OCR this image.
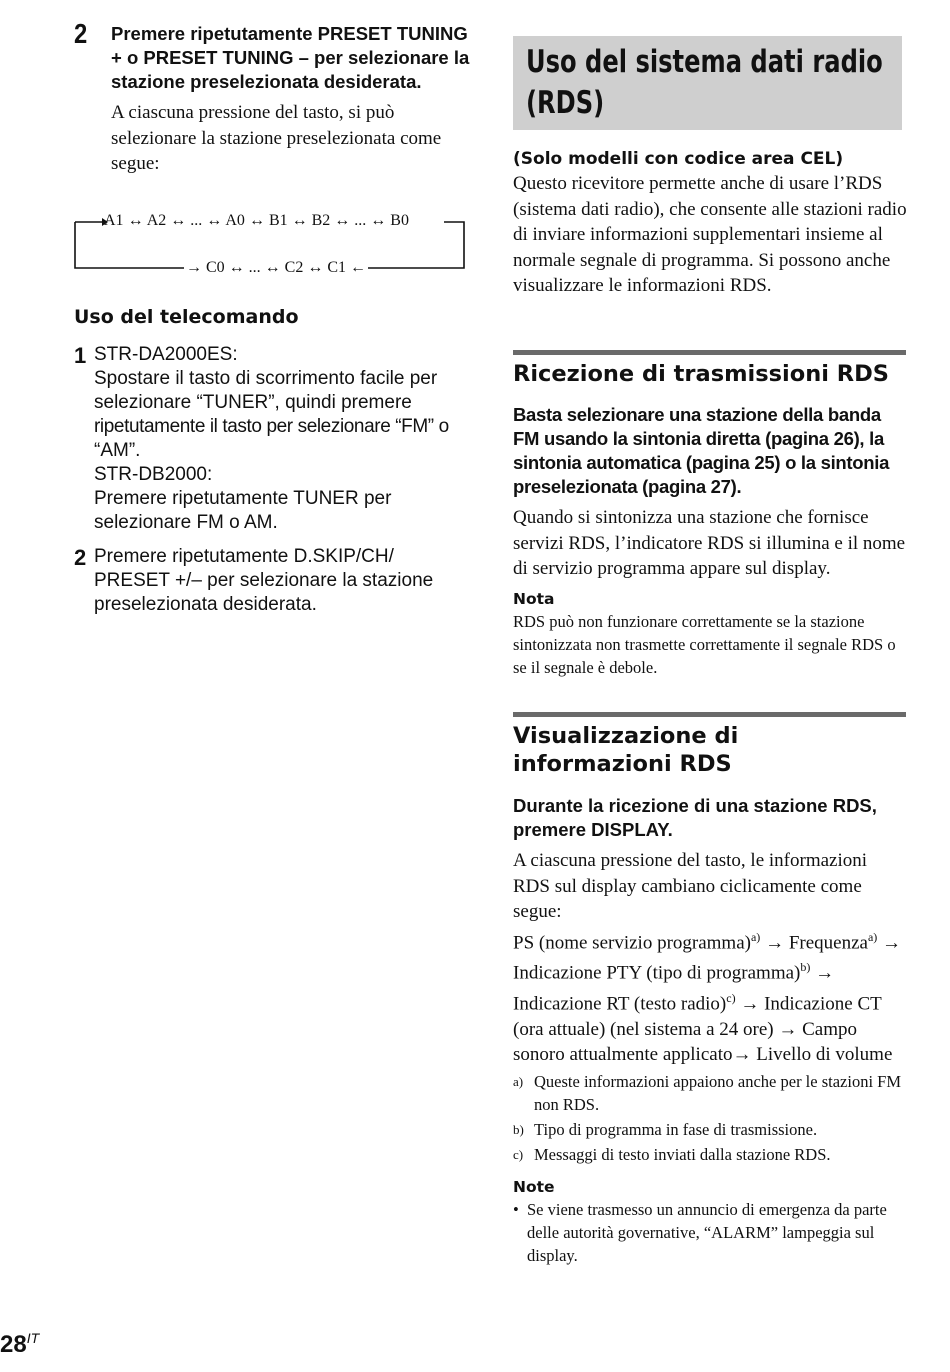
2 Premere ripetutamente PRESET TUNING + o PRESET TUNING – per selezionare la stazione preselezionata desiderata.
A ciascuna pressione del tasto, si può selezionare la stazione preselezionata come segue:
A1 ↔ A2 ↔ ... ↔ A0 ↔ B1 ↔ B2 ↔ ... ↔ B0
→ C0 ↔ ... ↔ C2 ↔ C1 ←
Uso del telecomando
1 STR-DA2000ES:
Spostare il tasto di scorrimento facile per
selezionare “TUNER”, quindi premere
ripetutamente il tasto per selezionare “FM” o
“AM”.
STR-DB2000:
Premere ripetutamente TUNER per
selezionare FM o AM.
2 Premere ripetutamente D.SKIP/CH/
PRESET +/– per selezionare la stazione
preselezionata desiderata.
Uso del sistema dati radio (RDS)
(Solo modelli con codice area CEL)
Questo ricevitore permette anche di usare l’RDS (sistema dati radio), che consente alle stazioni radio di inviare informazioni supplementari insieme al normale segnale di programma. Si possono anche visualizzare le informazioni RDS.
Ricezione di trasmissioni RDS
Basta selezionare una stazione della banda FM usando la sintonia diretta (pagina 26), la sintonia automatica (pagina 25) o la sintonia preselezionata (pagina 27).
Quando si sintonizza una stazione che fornisce servizi RDS, l’indicatore RDS si illumina e il nome di servizio programma appare sul display.
Nota
RDS può non funzionare correttamente se la stazione sintonizzata non trasmette correttamente il segnale RDS o se il segnale è debole.
Visualizzazione di
informazioni RDS
Durante la ricezione di una stazione RDS, premere DISPLAY.
A ciascuna pressione del tasto, le informazioni RDS sul display cambiano ciclicamente come segue:
PS (nome servizio programma)$^{a)}$ → Frequenza$^{a)}$ → Indicazione PTY (tipo di programma)$^{b)}$ → Indicazione RT (testo radio)$^{c)}$ → Indicazione CT (ora attuale) (nel sistema a 24 ore) → Campo sonoro attualmente applicato→ Livello di volume
a) Queste informazioni appaiono anche per le stazioni FM non RDS.
b) Tipo di programma in fase di trasmissione.
c) Messaggi di testo inviati dalla stazione RDS.
Note
• Se viene trasmesso un annuncio di emergenza da parte delle autorità governative, “ALARM” lampeggia sul display.
$28^{IT}$
